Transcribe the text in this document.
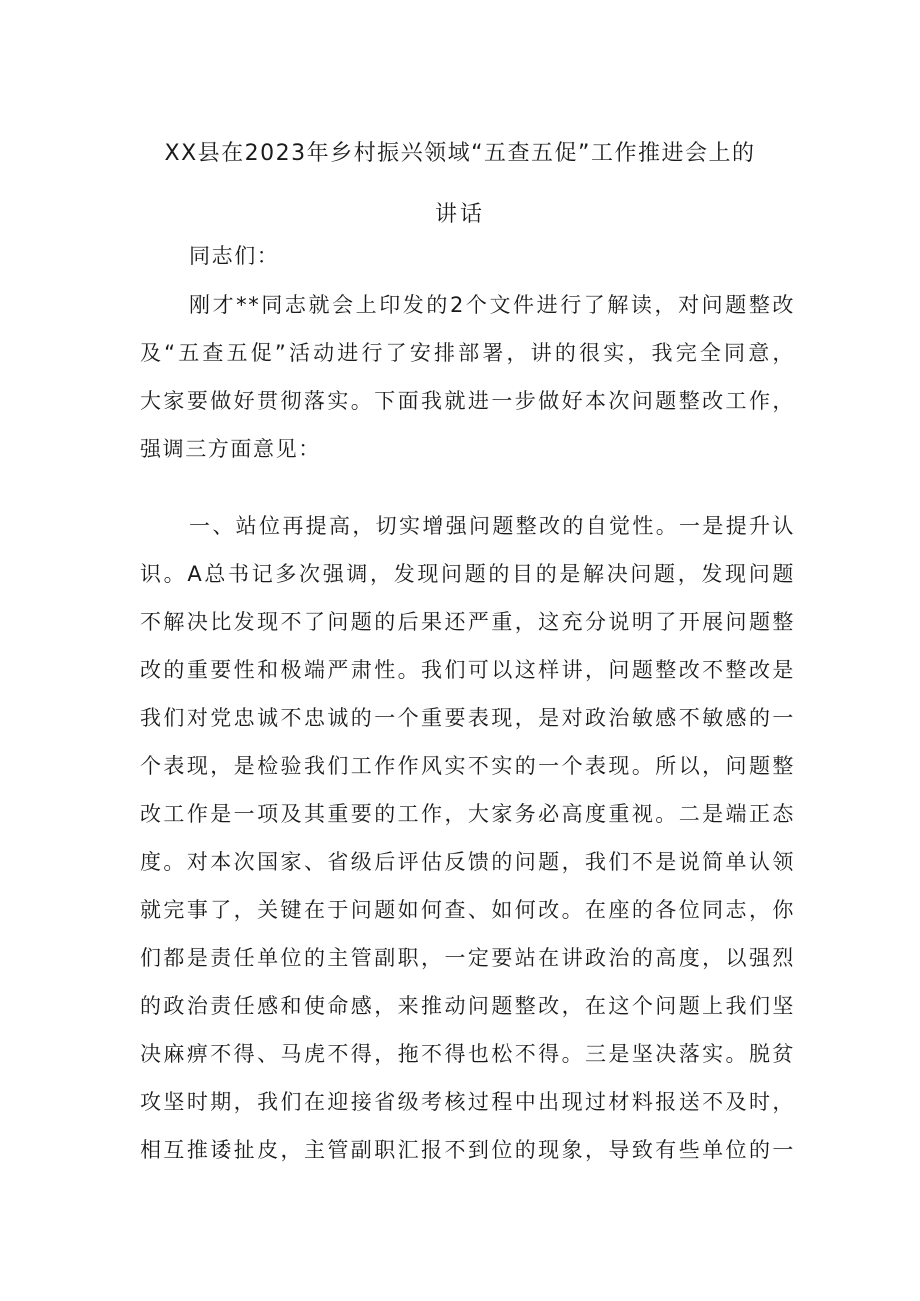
XX县在2023年乡村振兴领域“五查五促”工作推进会上的
讲话
同志们：
刚才**同志就会上印发的2个文件进行了解读，对问题整改
及“五查五促”活动进行了安排部署，讲的很实，我完全同意，
大家要做好贯彻落实。下面我就进一步做好本次问题整改工作，
强调三方面意见：
一、站位再提高，切实增强问题整改的自觉性。一是提升认
识。A总书记多次强调，发现问题的目的是解决问题，发现问题
不解决比发现不了问题的后果还严重，这充分说明了开展问题整
改的重要性和极端严肃性。我们可以这样讲，问题整改不整改是
我们对党忠诚不忠诚的一个重要表现，是对政治敏感不敏感的一
个表现，是检验我们工作作风实不实的一个表现。所以，问题整
改工作是一项及其重要的工作，大家务必高度重视。二是端正态
度。对本次国家、省级后评估反馈的问题，我们不是说简单认领
就完事了，关键在于问题如何查、如何改。在座的各位同志，你
们都是责任单位的主管副职，一定要站在讲政治的高度，以强烈
的政治责任感和使命感，来推动问题整改，在这个问题上我们坚
决麻痹不得、马虎不得，拖不得也松不得。三是坚决落实。脱贫
攻坚时期，我们在迎接省级考核过程中出现过材料报送不及时，
相互推诿扯皮，主管副职汇报不到位的现象，导致有些单位的一
